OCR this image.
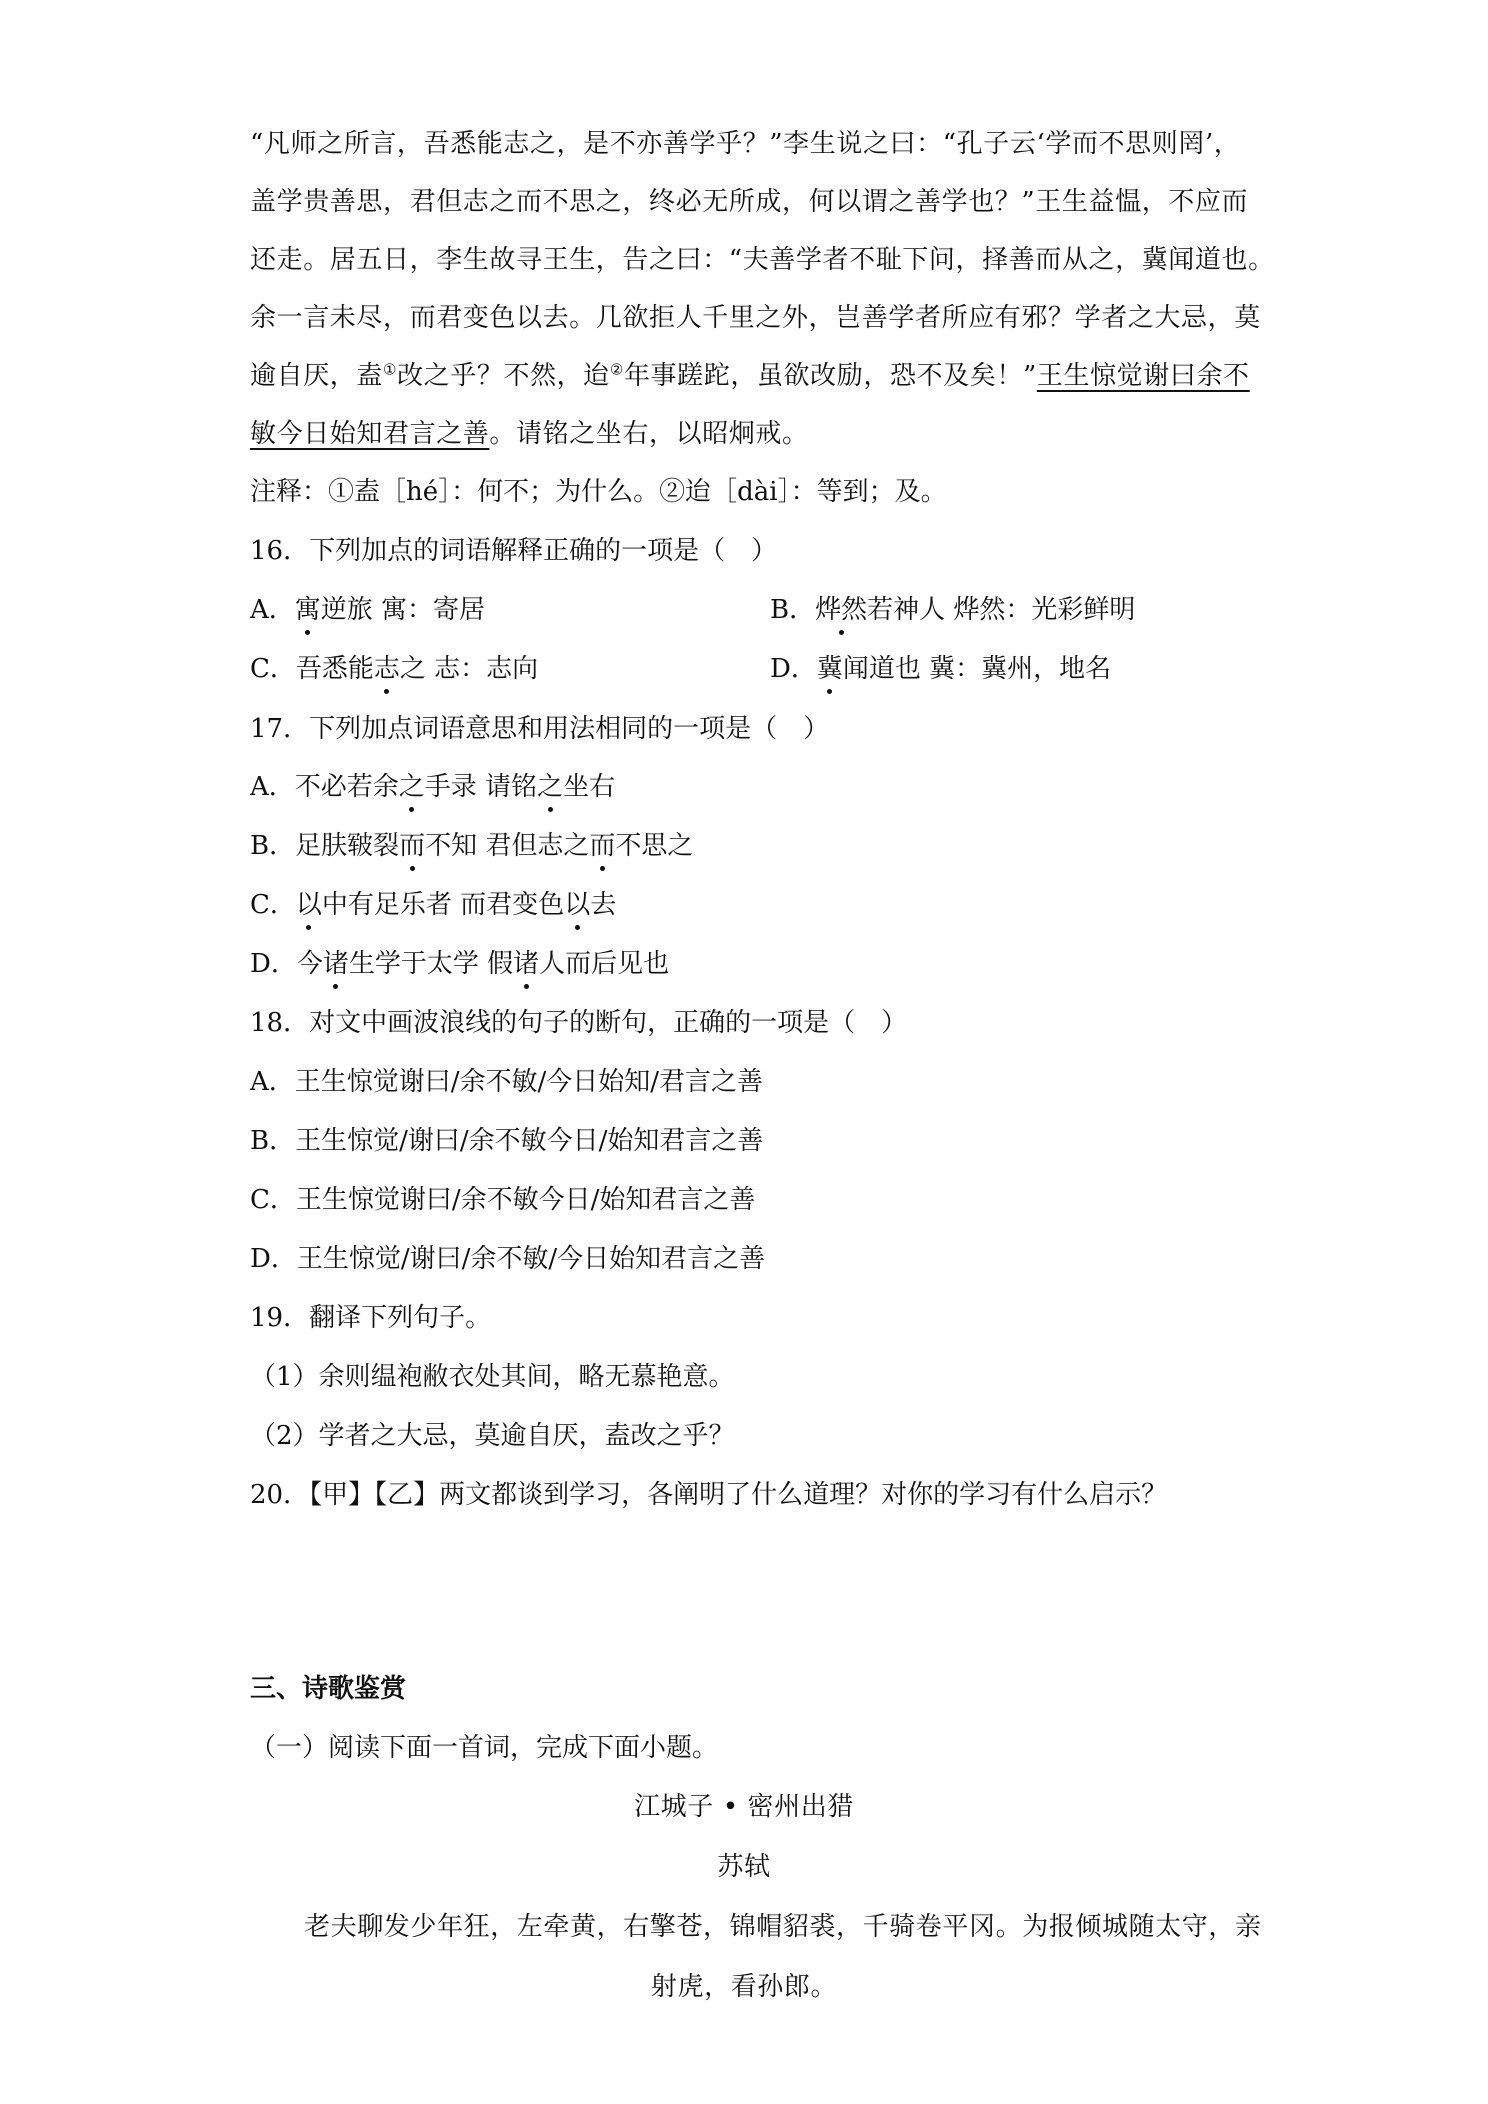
“凡师之所言，吾悉能志之，是不亦善学乎？”李生说之曰：“孔子云‘学而不思则罔’，
盖学贵善思，君但志之而不思之，终必无所成，何以谓之善学也？”王生益愠，不应而
还走。居五日，李生故寻王生，告之曰：“夫善学者不耻下问，择善而从之，冀闻道也。
余一言未尽，而君变色以去。几欲拒人千里之外，岂善学者所应有邪？学者之大忌，莫
逾自厌，盍①改之乎？不然，迨②年事蹉跎，虽欲改励，恐不及矣！”王生惊觉谢曰余不
敏今日始知君言之善。请铭之坐右，以昭炯戒。
注释：①盍［hé］：何不；为什么。②迨［dài］：等到；及。
16．下列加点的词语解释正确的一项是（　）
A．寓逆旅 寓：寄居	B．烨然若神人 烨然：光彩鲜明
C．吾悉能志之 志：志向	D．冀闻道也 冀：冀州，地名
17．下列加点词语意思和用法相同的一项是（　）
A．不必若余之手录 请铭之坐右
B．足肤皲裂而不知 君但志之而不思之
C．以中有足乐者 而君变色以去
D．今诸生学于太学 假诸人而后见也
18．对文中画波浪线的句子的断句，正确的一项是（　）
A．王生惊觉谢曰/余不敏/今日始知/君言之善
B．王生惊觉/谢曰/余不敏今日/始知君言之善
C．王生惊觉谢曰/余不敏今日/始知君言之善
D．王生惊觉/谢曰/余不敏/今日始知君言之善
19．翻译下列句子。
（1）余则缊袍敝衣处其间，略无慕艳意。
（2）学者之大忌，莫逾自厌，盍改之乎？
20．【甲】【乙】两文都谈到学习，各阐明了什么道理？对你的学习有什么启示？
三、诗歌鉴赏
（一）阅读下面一首词，完成下面小题。
江城子 • 密州出猎
苏轼
老夫聊发少年狂，左牵黄，右擎苍，锦帽貂裘，千骑卷平冈。为报倾城随太守，亲
射虎，看孙郎。
